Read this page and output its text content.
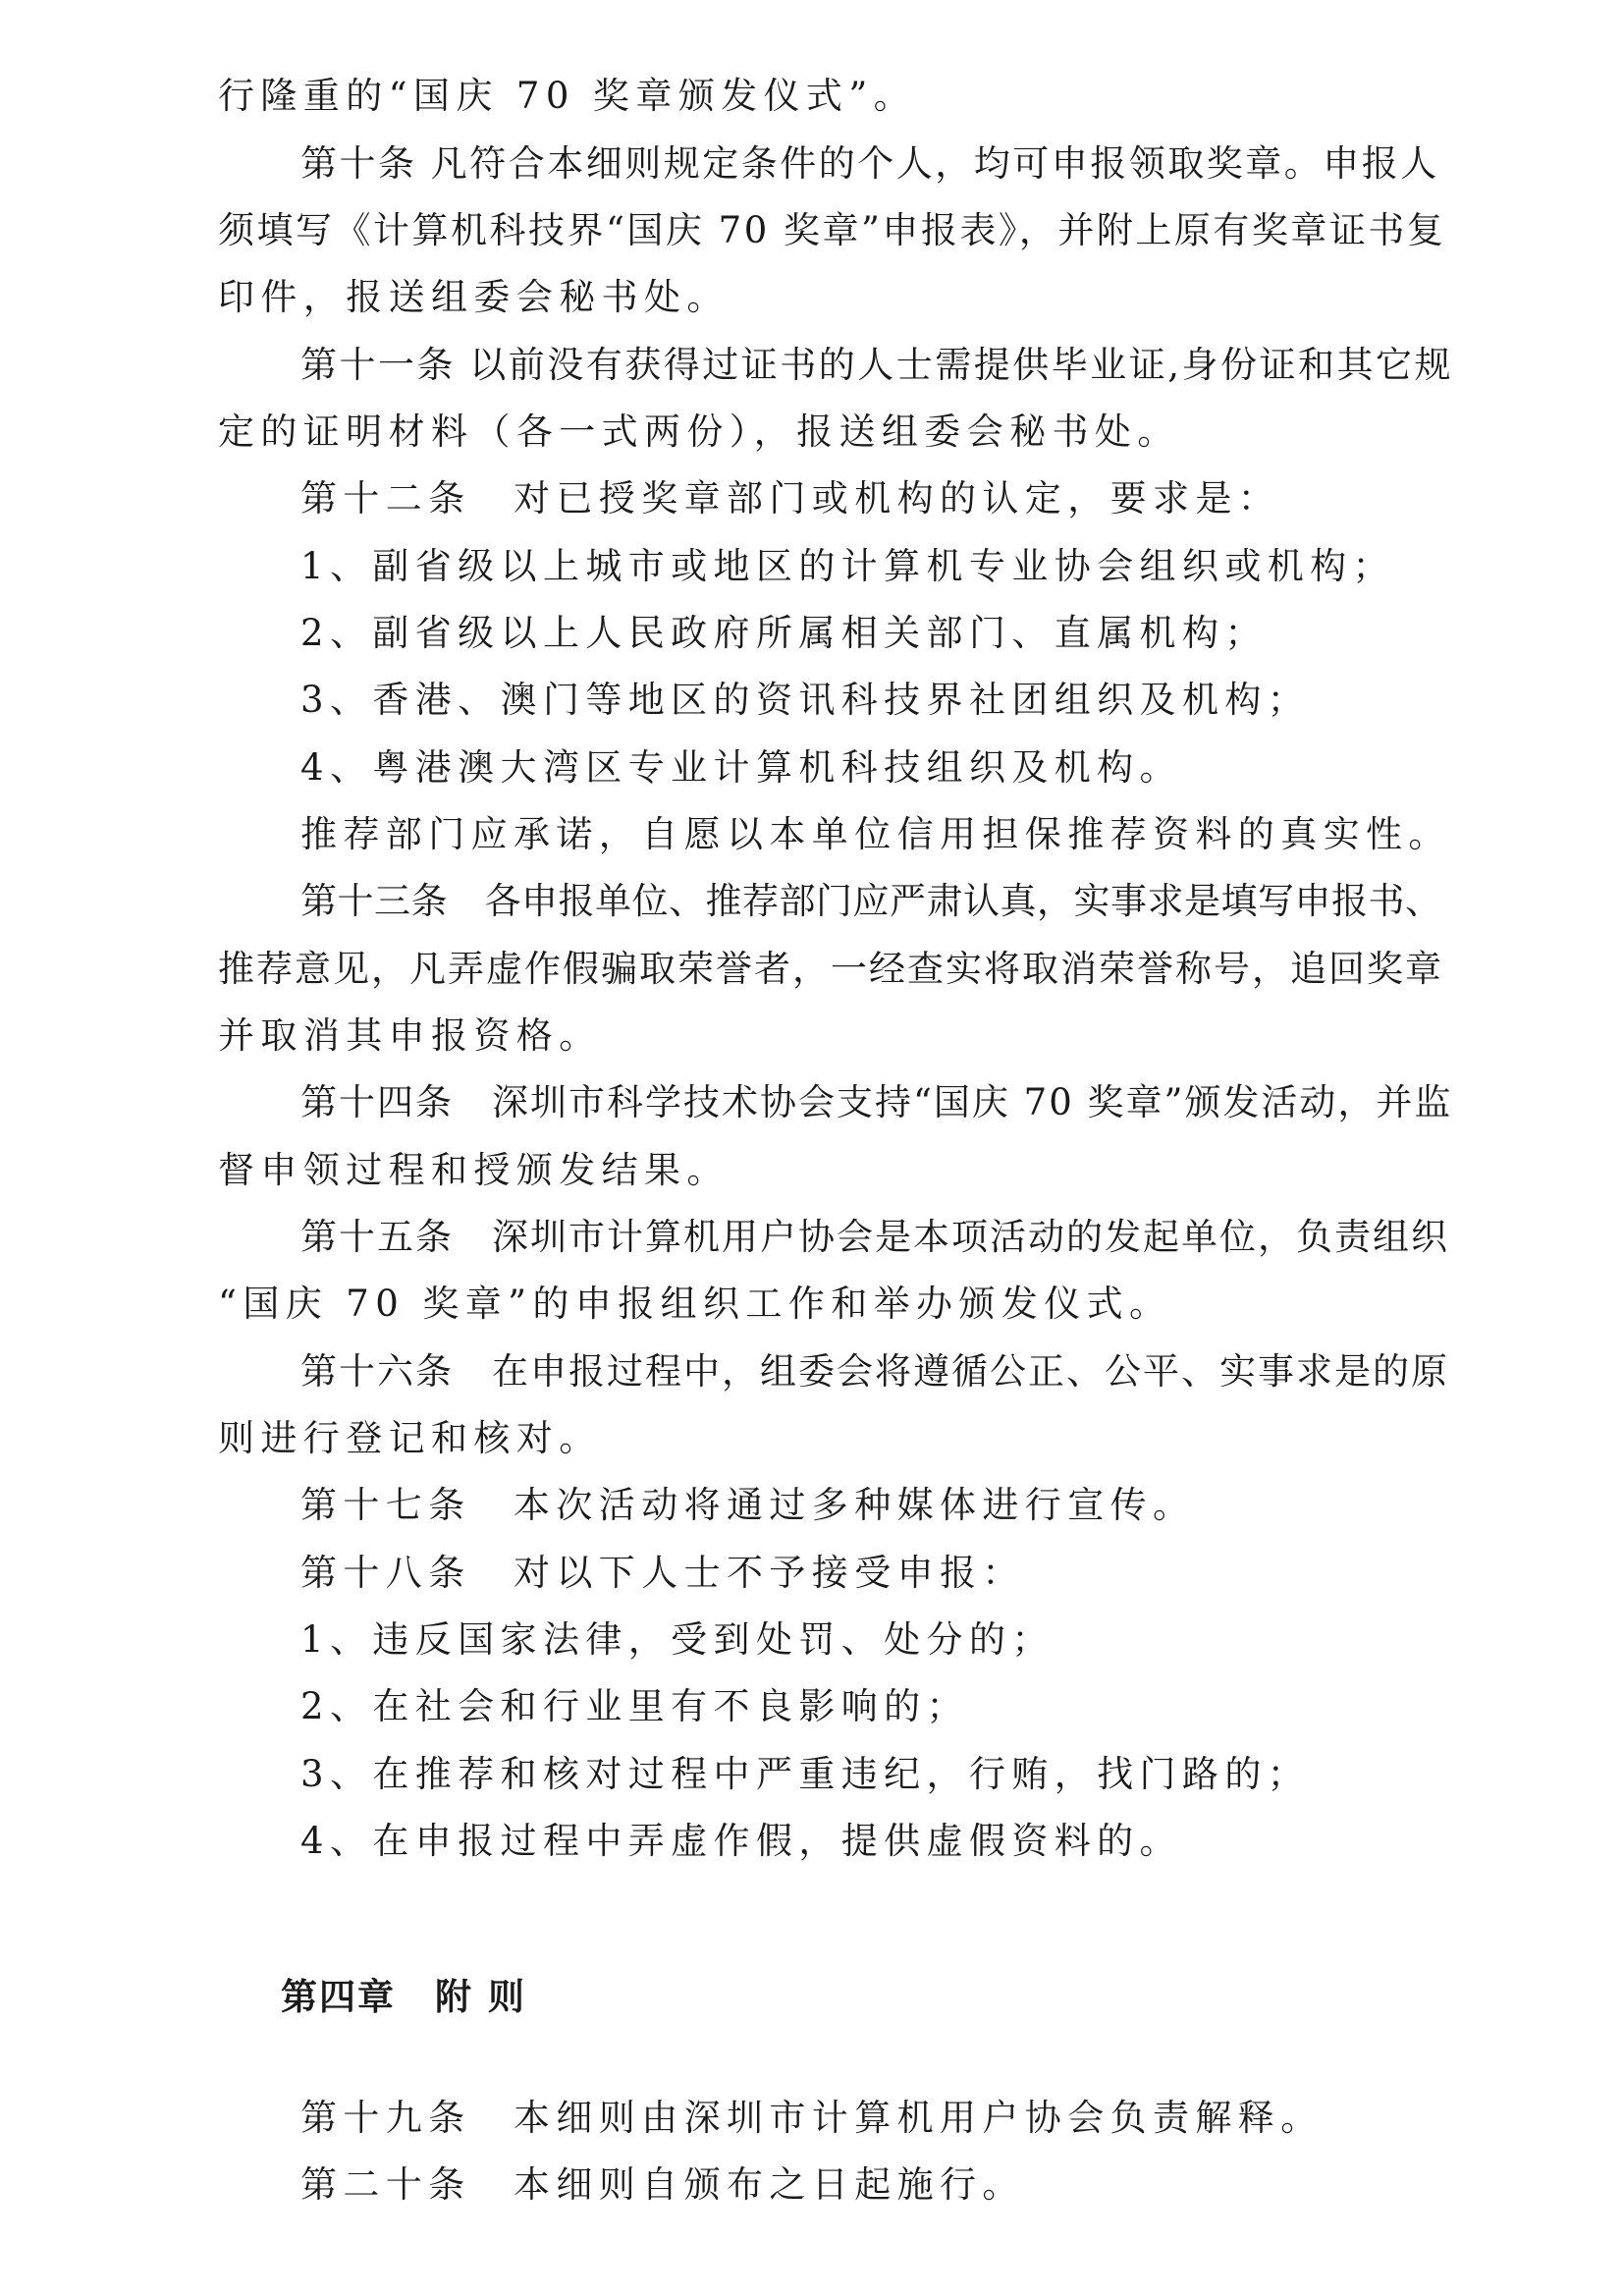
行隆重的“国庆 70 奖章颁发仪式”。
第十条 凡符合本细则规定条件的个人，均可申报领取奖章。申报人
须填写《计算机科技界“国庆 70 奖章”申报表》，并附上原有奖章证书复
印件，报送组委会秘书处。
第十一条 以前没有获得过证书的人士需提供毕业证,身份证和其它规
定的证明材料（各一式两份），报送组委会秘书处。
第十二条　对已授奖章部门或机构的认定，要求是：
1、副省级以上城市或地区的计算机专业协会组织或机构；
2、副省级以上人民政府所属相关部门、直属机构；
3、香港、澳门等地区的资讯科技界社团组织及机构；
4、粤港澳大湾区专业计算机科技组织及机构。
推荐部门应承诺，自愿以本单位信用担保推荐资料的真实性。
第十三条　各申报单位、推荐部门应严肃认真，实事求是填写申报书、
推荐意见，凡弄虚作假骗取荣誉者，一经查实将取消荣誉称号，追回奖章
并取消其申报资格。
第十四条　深圳市科学技术协会支持“国庆 70 奖章”颁发活动，并监
督申领过程和授颁发结果。
第十五条　深圳市计算机用户协会是本项活动的发起单位，负责组织
“国庆 70 奖章”的申报组织工作和举办颁发仪式。
第十六条　在申报过程中，组委会将遵循公正、公平、实事求是的原
则进行登记和核对。
第十七条　本次活动将通过多种媒体进行宣传。
第十八条　对以下人士不予接受申报：
1、违反国家法律，受到处罚、处分的；
2、在社会和行业里有不良影响的；
3、在推荐和核对过程中严重违纪，行贿，找门路的；
4、在申报过程中弄虚作假，提供虚假资料的。
第四章 附 则
第十九条　本细则由深圳市计算机用户协会负责解释。
第二十条　本细则自颁布之日起施行。
